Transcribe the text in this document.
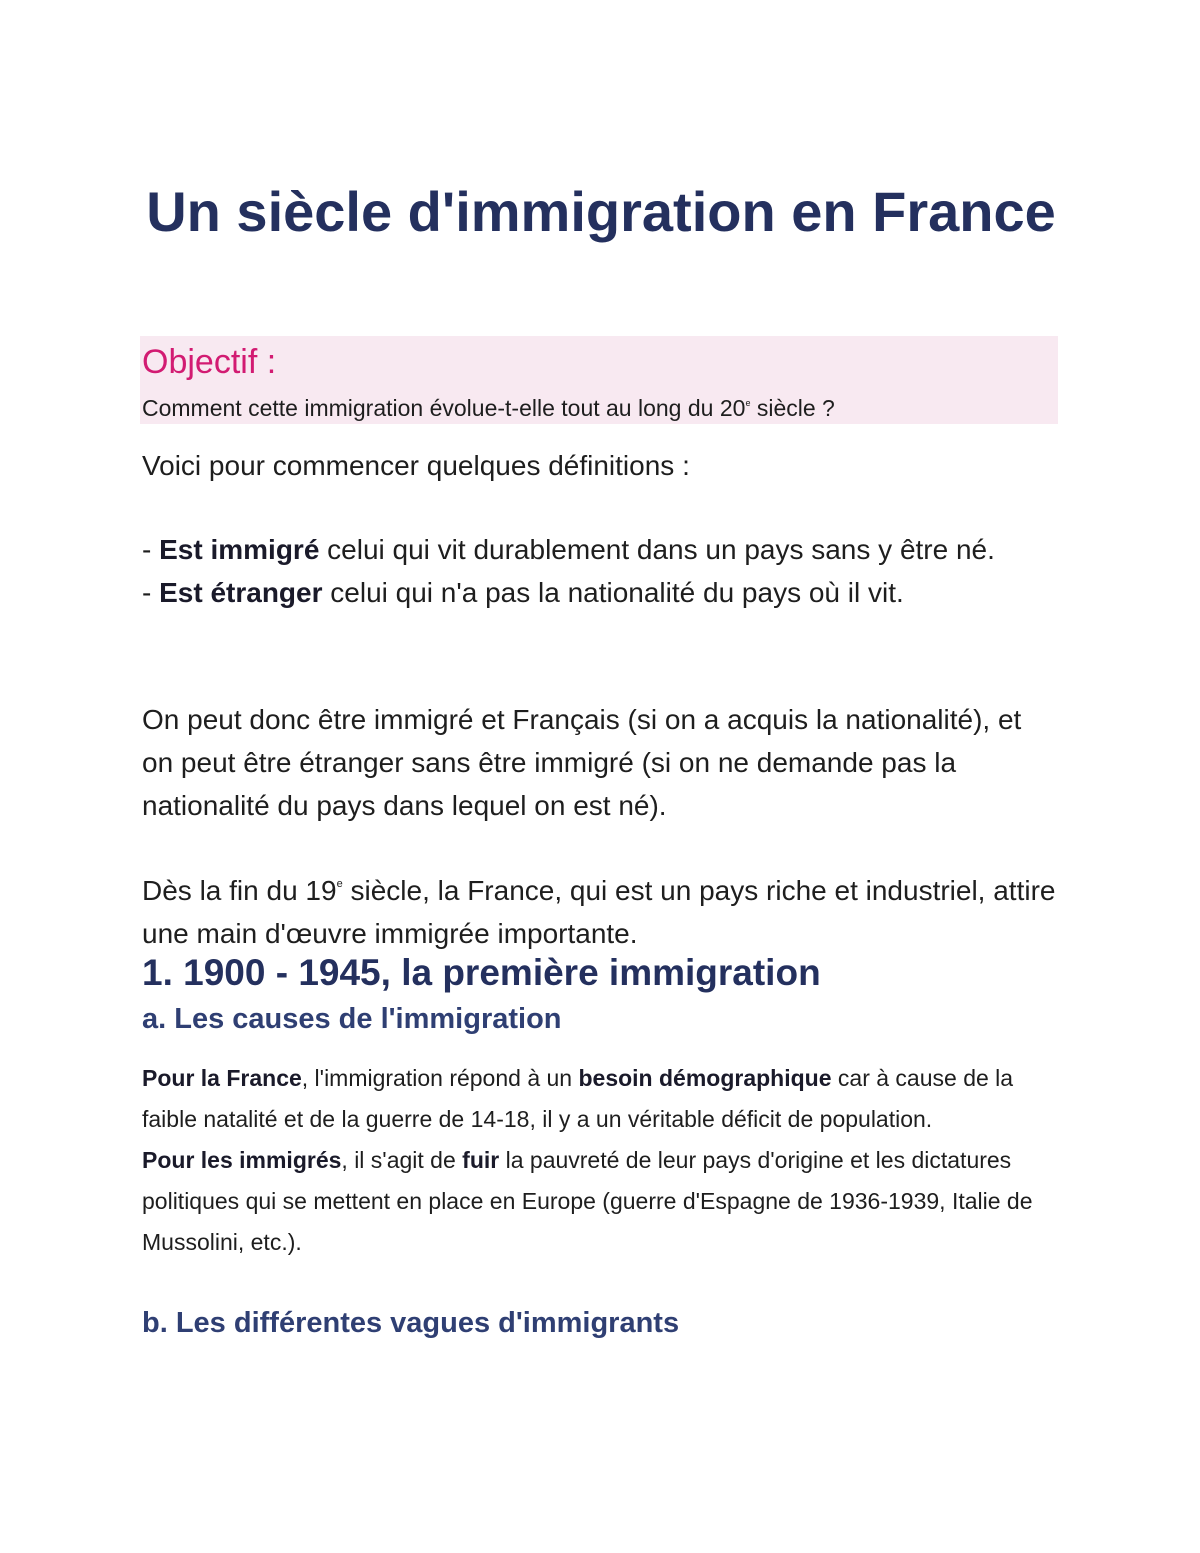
Un siècle d'immigration en France

Objectif :

Comment cette immigration évolue-t-elle tout au long du 20e siècle ?

Voici pour commencer quelques définitions :

- Est immigré celui qui vit durablement dans un pays sans y être né.
- Est étranger celui qui n'a pas la nationalité du pays où il vit.

On peut donc être immigré et Français (si on a acquis la nationalité), et on peut être étranger sans être immigré (si on ne demande pas la nationalité du pays dans lequel on est né).

Dès la fin du 19e siècle, la France, qui est un pays riche et industriel, attire une main d'œuvre immigrée importante.

1. 1900 - 1945, la première immigration
a. Les causes de l'immigration

Pour la France, l'immigration répond à un besoin démographique car à cause de la faible natalité et de la guerre de 14-18, il y a un véritable déficit de population.
Pour les immigrés, il s'agit de fuir la pauvreté de leur pays d'origine et les dictatures politiques qui se mettent en place en Europe (guerre d'Espagne de 1936-1939, Italie de Mussolini, etc.).

b. Les différentes vagues d'immigrants
